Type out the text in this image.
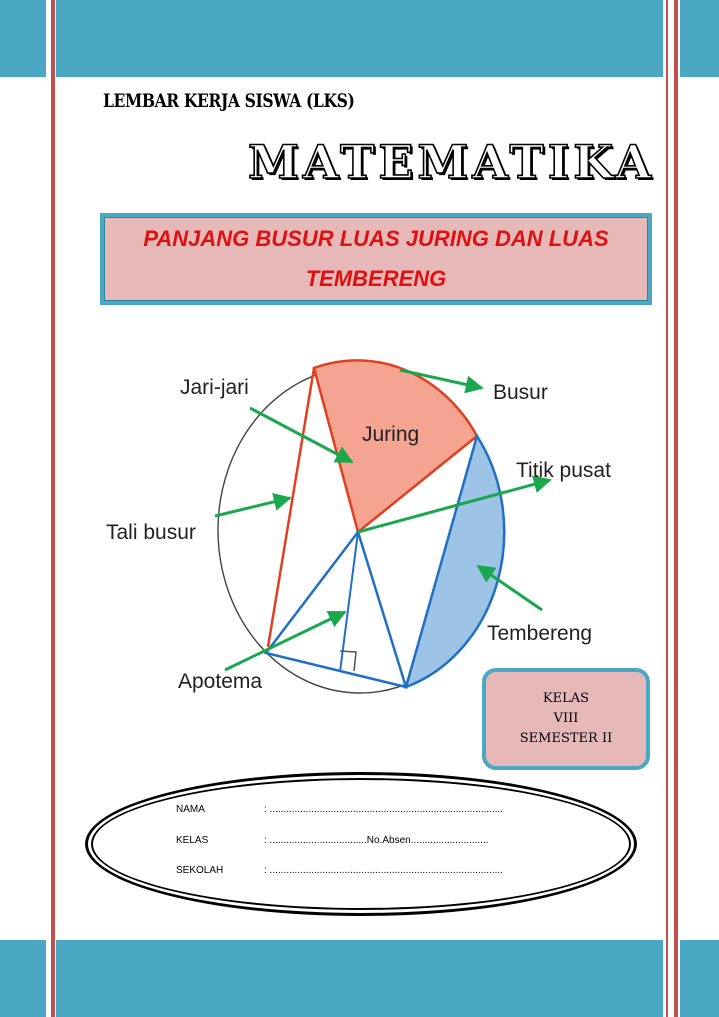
LEMBAR KERJA SISWA (LKS)
MATEMATIKA
PANJANG BUSUR LUAS JURING DAN LUAS
TEMBERENG
Jari-jari	Busur
Juring
Titik pusat
Tali busur
Tembereng
Apotema
KELAS
VIII
SEMESTER II
NAMA	: ....................................................................................
KELAS	: ...................................No.Absen............................
SEKOLAH	: ....................................................................................
